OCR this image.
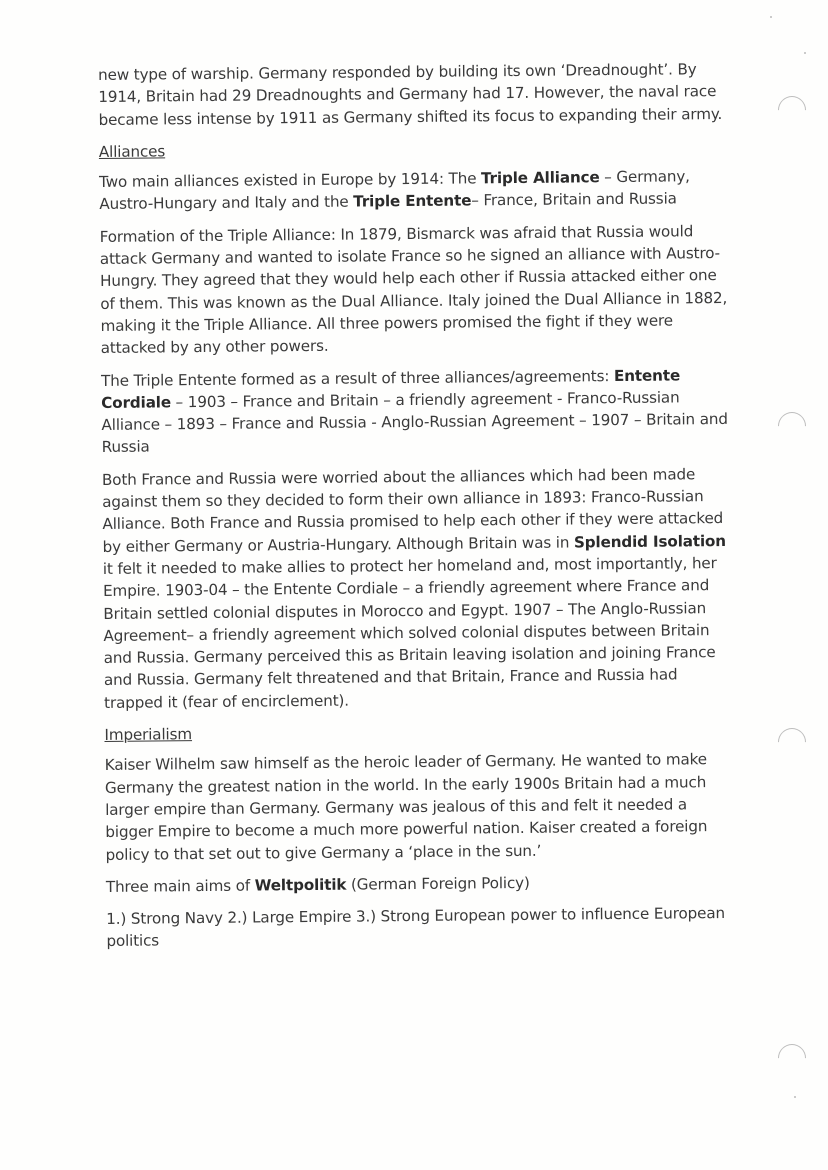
new type of warship. Germany responded by building its own ‘Dreadnought’. By 1914, Britain had 29 Dreadnoughts and Germany had 17. However, the naval race became less intense by 1911 as Germany shifted its focus to expanding their army.

Alliances

Two main alliances existed in Europe by 1914: The Triple Alliance – Germany, Austro-Hungary and Italy and the Triple Entente– France, Britain and Russia

Formation of the Triple Alliance: In 1879, Bismarck was afraid that Russia would attack Germany and wanted to isolate France so he signed an alliance with Austro-Hungry. They agreed that they would help each other if Russia attacked either one of them. This was known as the Dual Alliance. Italy joined the Dual Alliance in 1882, making it the Triple Alliance. All three powers promised the fight if they were attacked by any other powers.

The Triple Entente formed as a result of three alliances/agreements: Entente Cordiale – 1903 – France and Britain – a friendly agreement - Franco-Russian Alliance – 1893 – France and Russia - Anglo-Russian Agreement – 1907 – Britain and Russia

Both France and Russia were worried about the alliances which had been made against them so they decided to form their own alliance in 1893: Franco-Russian Alliance. Both France and Russia promised to help each other if they were attacked by either Germany or Austria-Hungary. Although Britain was in Splendid Isolation it felt it needed to make allies to protect her homeland and, most importantly, her Empire. 1903-04 – the Entente Cordiale – a friendly agreement where France and Britain settled colonial disputes in Morocco and Egypt. 1907 – The Anglo-Russian Agreement– a friendly agreement which solved colonial disputes between Britain and Russia. Germany perceived this as Britain leaving isolation and joining France and Russia. Germany felt threatened and that Britain, France and Russia had trapped it (fear of encirclement).

Imperialism

Kaiser Wilhelm saw himself as the heroic leader of Germany. He wanted to make Germany the greatest nation in the world. In the early 1900s Britain had a much larger empire than Germany. Germany was jealous of this and felt it needed a bigger Empire to become a much more powerful nation. Kaiser created a foreign policy to that set out to give Germany a ‘place in the sun.’

Three main aims of Weltpolitik (German Foreign Policy)

1.) Strong Navy 2.) Large Empire 3.) Strong European power to influence European politics
